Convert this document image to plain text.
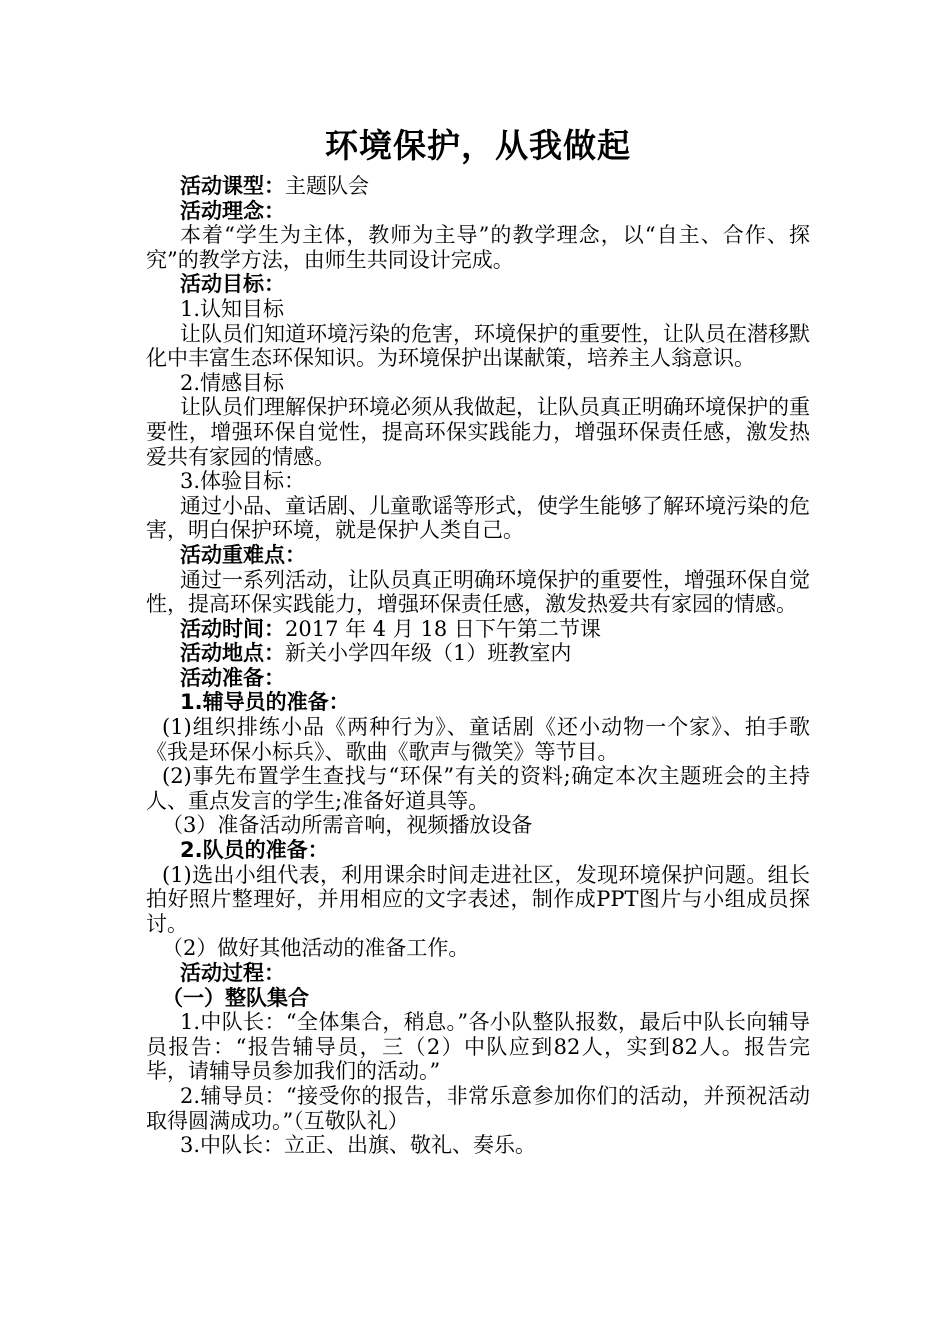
环境保护，从我做起

活动课型：主题队会

活动理念：

本着“学生为主体，教师为主导”的教学理念，以“自主、合作、探究”的教学方法，由师生共同设计完成。

活动目标：

1.认知目标

让队员们知道环境污染的危害，环境保护的重要性，让队员在潜移默化中丰富生态环保知识。为环境保护出谋献策，培养主人翁意识。

2.情感目标

让队员们理解保护环境必须从我做起，让队员真正明确环境保护的重要性，增强环保自觉性，提高环保实践能力，增强环保责任感，激发热爱共有家园的情感。

3.体验目标：

通过小品、童话剧、儿童歌谣等形式，使学生能够了解环境污染的危害，明白保护环境，就是保护人类自己。

活动重难点：

通过一系列活动，让队员真正明确环境保护的重要性，增强环保自觉性，提高环保实践能力，增强环保责任感，激发热爱共有家园的情感。

活动时间：2017 年 4 月 18 日下午第二节课

活动地点：新关小学四年级（1）班教室内

活动准备：

1.辅导员的准备：

(1)组织排练小品《两种行为》、童话剧《还小动物一个家》、拍手歌《我是环保小标兵》、歌曲《歌声与微笑》等节目。

(2)事先布置学生查找与“环保”有关的资料;确定本次主题班会的主持人、重点发言的学生;准备好道具等。

（3）准备活动所需音响，视频播放设备

2.队员的准备：

(1)选出小组代表，利用课余时间走进社区，发现环境保护问题。组长拍好照片整理好，并用相应的文字表述，制作成PPT图片与小组成员探讨。

（2）做好其他活动的准备工作。

活动过程：

（一）整队集合

1.中队长：“全体集合，稍息。”各小队整队报数，最后中队长向辅导员报告：“报告辅导员，三（2）中队应到82人，实到82人。报告完毕，请辅导员参加我们的活动。”

2.辅导员：“接受你的报告，非常乐意参加你们的活动，并预祝活动取得圆满成功。”（互敬队礼）

3.中队长：立正、出旗、敬礼、奏乐。
